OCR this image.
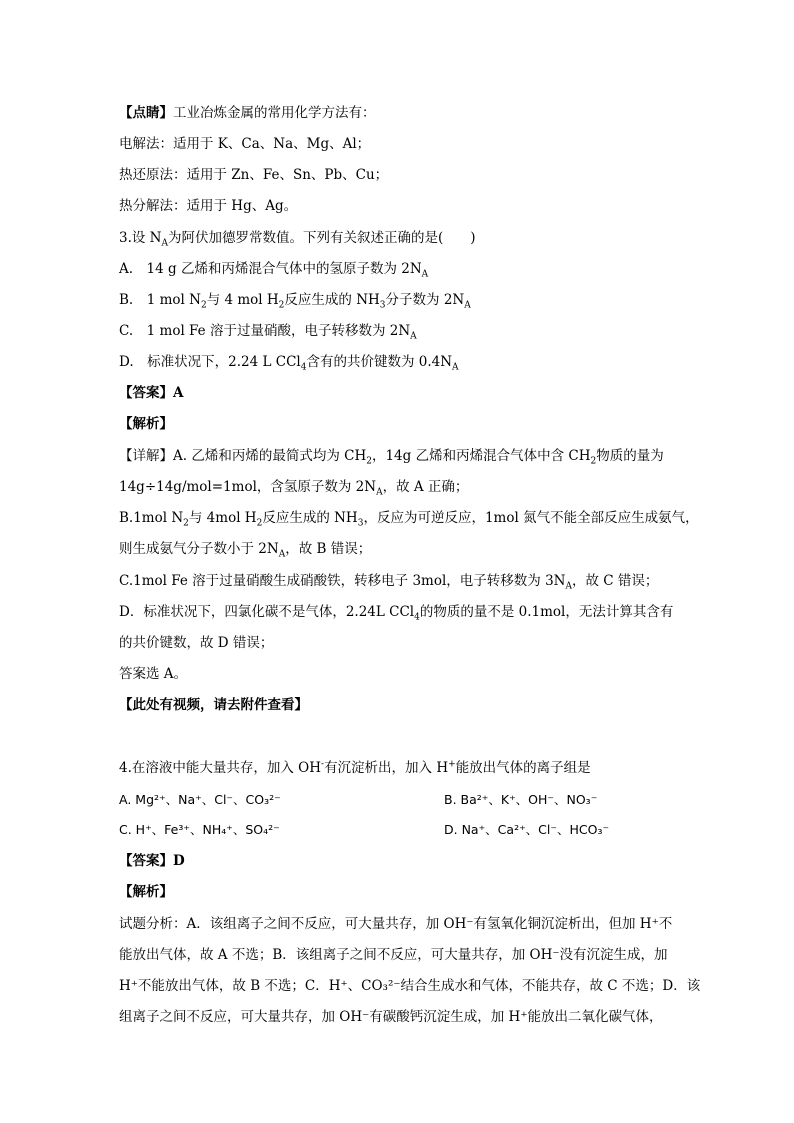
【点睛】工业冶炼金属的常用化学方法有：
电解法：适用于 K、Ca、Na、Mg、Al；
热还原法：适用于 Zn、Fe、Sn、Pb、Cu；
热分解法：适用于 Hg、Ag。
3.设 $N_A$为阿伏加德罗常数值。下列有关叙述正确的是(　　)
A.　14 g 乙烯和丙烯混合气体中的氢原子数为 $2N_A$
B.　1 mol $N_2$与 4 mol $H_2$反应生成的 $NH_3$分子数为 $2N_A$
C.　1 mol Fe 溶于过量硝酸，电子转移数为 $2N_A$
D.　标准状况下，2.24 L CCl$_4$含有的共价键数为 $0.4N_A$
【答案】A
【解析】
【详解】A. 乙烯和丙烯的最简式均为 $CH_2$，14g 乙烯和丙烯混合气体中含 $CH_2$物质的量为
14g÷14g/mol=1mol，含氢原子数为 $2N_A$，故 A 正确；
B.1mol $N_2$与 4mol $H_2$反应生成的 $NH_3$，反应为可逆反应，1mol 氮气不能全部反应生成氨气，
则生成氨气分子数小于 $2N_A$，故 B 错误；
C.1mol Fe 溶于过量硝酸生成硝酸铁，转移电子 3mol，电子转移数为 $3N_A$，故 C 错误；
D．标准状况下，四氯化碳不是气体，2.24L CCl$_4$的物质的量不是 0.1mol，无法计算其含有
的共价键数，故 D 错误；
答案选 A。
【此处有视频，请去附件查看】
4.在溶液中能大量共存，加入 OH-有沉淀析出，加入 H+能放出气体的离子组是
A. Mg²⁺、Na⁺、Cl⁻、CO₃²⁻	B. Ba²⁺、K⁺、OH⁻、NO₃⁻
C. H⁺、Fe³⁺、NH₄⁺、SO₄²⁻	D. Na⁺、Ca²⁺、Cl⁻、HCO₃⁻
【答案】D
【解析】
试题分析：A．该组离子之间不反应，可大量共存，加 OH⁻有氢氧化铜沉淀析出，但加 H⁺不
能放出气体，故 A 不选；B．该组离子之间不反应，可大量共存，加 OH⁻没有沉淀生成，加
H⁺不能放出气体，故 B 不选；C．H⁺、CO₃²⁻结合生成水和气体，不能共存，故 C 不选；D．该
组离子之间不反应，可大量共存，加 OH⁻有碳酸钙沉淀生成，加 H⁺能放出二氧化碳气体，
